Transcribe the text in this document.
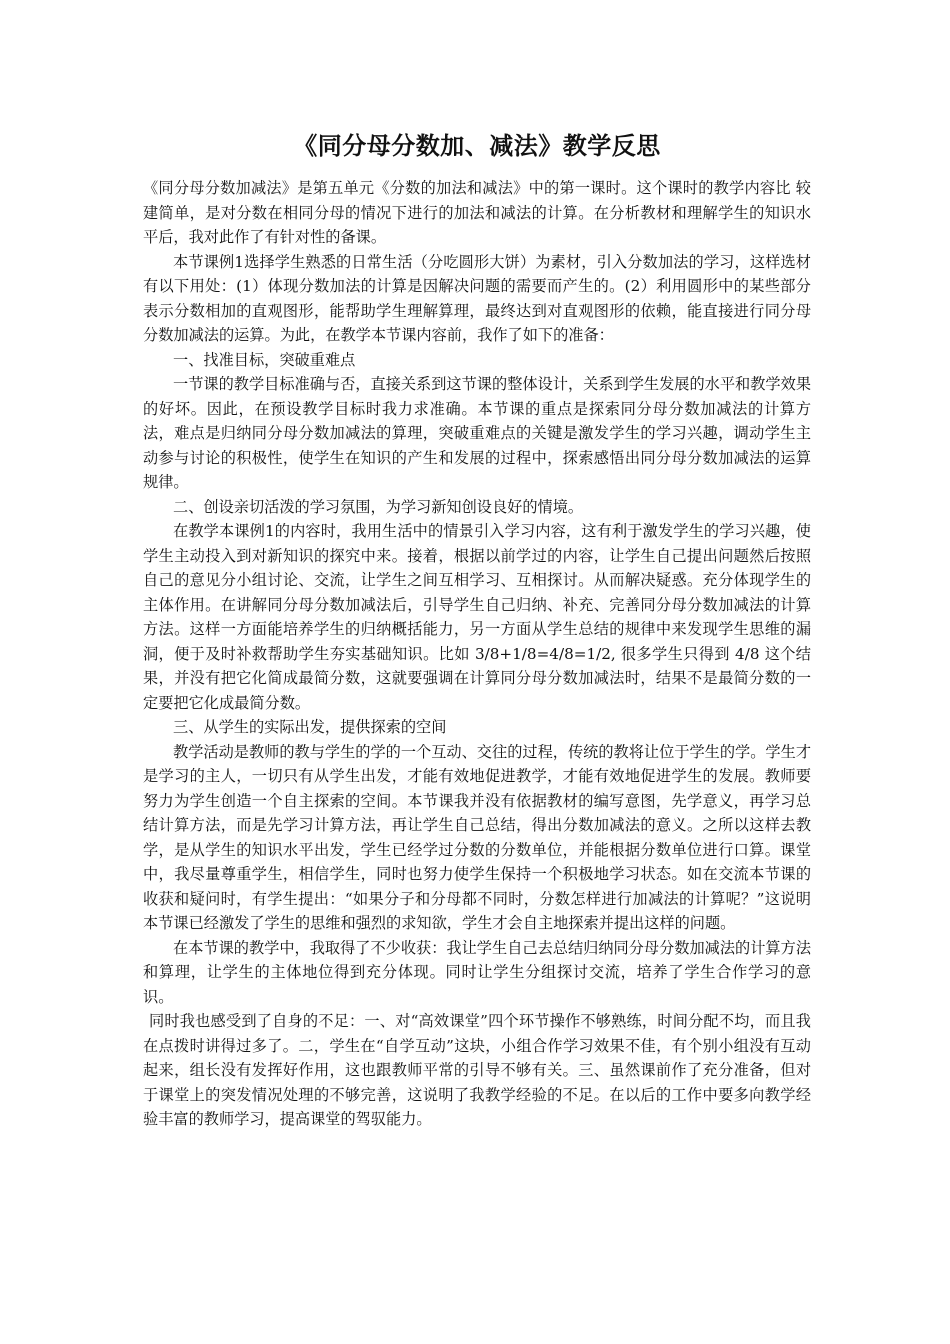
《同分母分数加、减法》教学反思

《同分母分数加减法》是第五单元《分数的加法和减法》中的第一课时。这个课时的教学内容比 较建简单，是对分数在相同分母的情况下进行的加法和减法的计算。在分析教材和理解学生的知识水平后，我对此作了有针对性的备课。

本节课例1选择学生熟悉的日常生活（分吃圆形大饼）为素材，引入分数加法的学习，这样选材有以下用处：(1）体现分数加法的计算是因解决问题的需要而产生的。(2）利用圆形中的某些部分表示分数相加的直观图形，能帮助学生理解算理，最终达到对直观图形的依赖，能直接进行同分母分数加减法的运算。为此，在教学本节课内容前，我作了如下的准备：

一、找准目标，突破重难点

一节课的教学目标准确与否，直接关系到这节课的整体设计，关系到学生发展的水平和教学效果的好坏。因此，在预设教学目标时我力求准确。本节课的重点是探索同分母分数加减法的计算方法，难点是归纳同分母分数加减法的算理，突破重难点的关键是激发学生的学习兴趣，调动学生主动参与讨论的积极性，使学生在知识的产生和发展的过程中，探索感悟出同分母分数加减法的运算规律。

二、创设亲切活泼的学习氛围，为学习新知创设良好的情境。

在教学本课例1的内容时，我用生活中的情景引入学习内容，这有利于激发学生的学习兴趣，使学生主动投入到对新知识的探究中来。接着，根据以前学过的内容，让学生自己提出问题然后按照自己的意见分小组讨论、交流，让学生之间互相学习、互相探讨。从而解决疑惑。充分体现学生的主体作用。在讲解同分母分数加减法后，引导学生自己归纳、补充、完善同分母分数加减法的计算方法。这样一方面能培养学生的归纳概括能力，另一方面从学生总结的规律中来发现学生思维的漏洞，便于及时补救帮助学生夯实基础知识。比如 3/8+1/8=4/8=1/2, 很多学生只得到 4/8 这个结果，并没有把它化简成最简分数，这就要强调在计算同分母分数加减法时，结果不是最简分数的一定要把它化成最简分数。

三、从学生的实际出发，提供探索的空间

教学活动是教师的教与学生的学的一个互动、交往的过程，传统的教将让位于学生的学。学生才是学习的主人，一切只有从学生出发，才能有效地促进教学，才能有效地促进学生的发展。教师要努力为学生创造一个自主探索的空间。本节课我并没有依据教材的编写意图，先学意义，再学习总结计算方法，而是先学习计算方法，再让学生自己总结，得出分数加减法的意义。之所以这样去教学，是从学生的知识水平出发，学生已经学过分数的分数单位，并能根据分数单位进行口算。课堂中，我尽量尊重学生，相信学生，同时也努力使学生保持一个积极地学习状态。如在交流本节课的收获和疑问时，有学生提出：“如果分子和分母都不同时，分数怎样进行加减法的计算呢？”这说明本节课已经激发了学生的思维和强烈的求知欲，学生才会自主地探索并提出这样的问题。

在本节课的教学中，我取得了不少收获：我让学生自己去总结归纳同分母分数加减法的计算方法和算理，让学生的主体地位得到充分体现。同时让学生分组探讨交流，培养了学生合作学习的意识。

同时我也感受到了自身的不足：一、对“高效课堂”四个环节操作不够熟练，时间分配不均，而且我在点拨时讲得过多了。二，学生在“自学互动”这块，小组合作学习效果不佳，有个别小组没有互动起来，组长没有发挥好作用，这也跟教师平常的引导不够有关。三、虽然课前作了充分准备，但对于课堂上的突发情况处理的不够完善，这说明了我教学经验的不足。在以后的工作中要多向教学经验丰富的教师学习，提高课堂的驾驭能力。
